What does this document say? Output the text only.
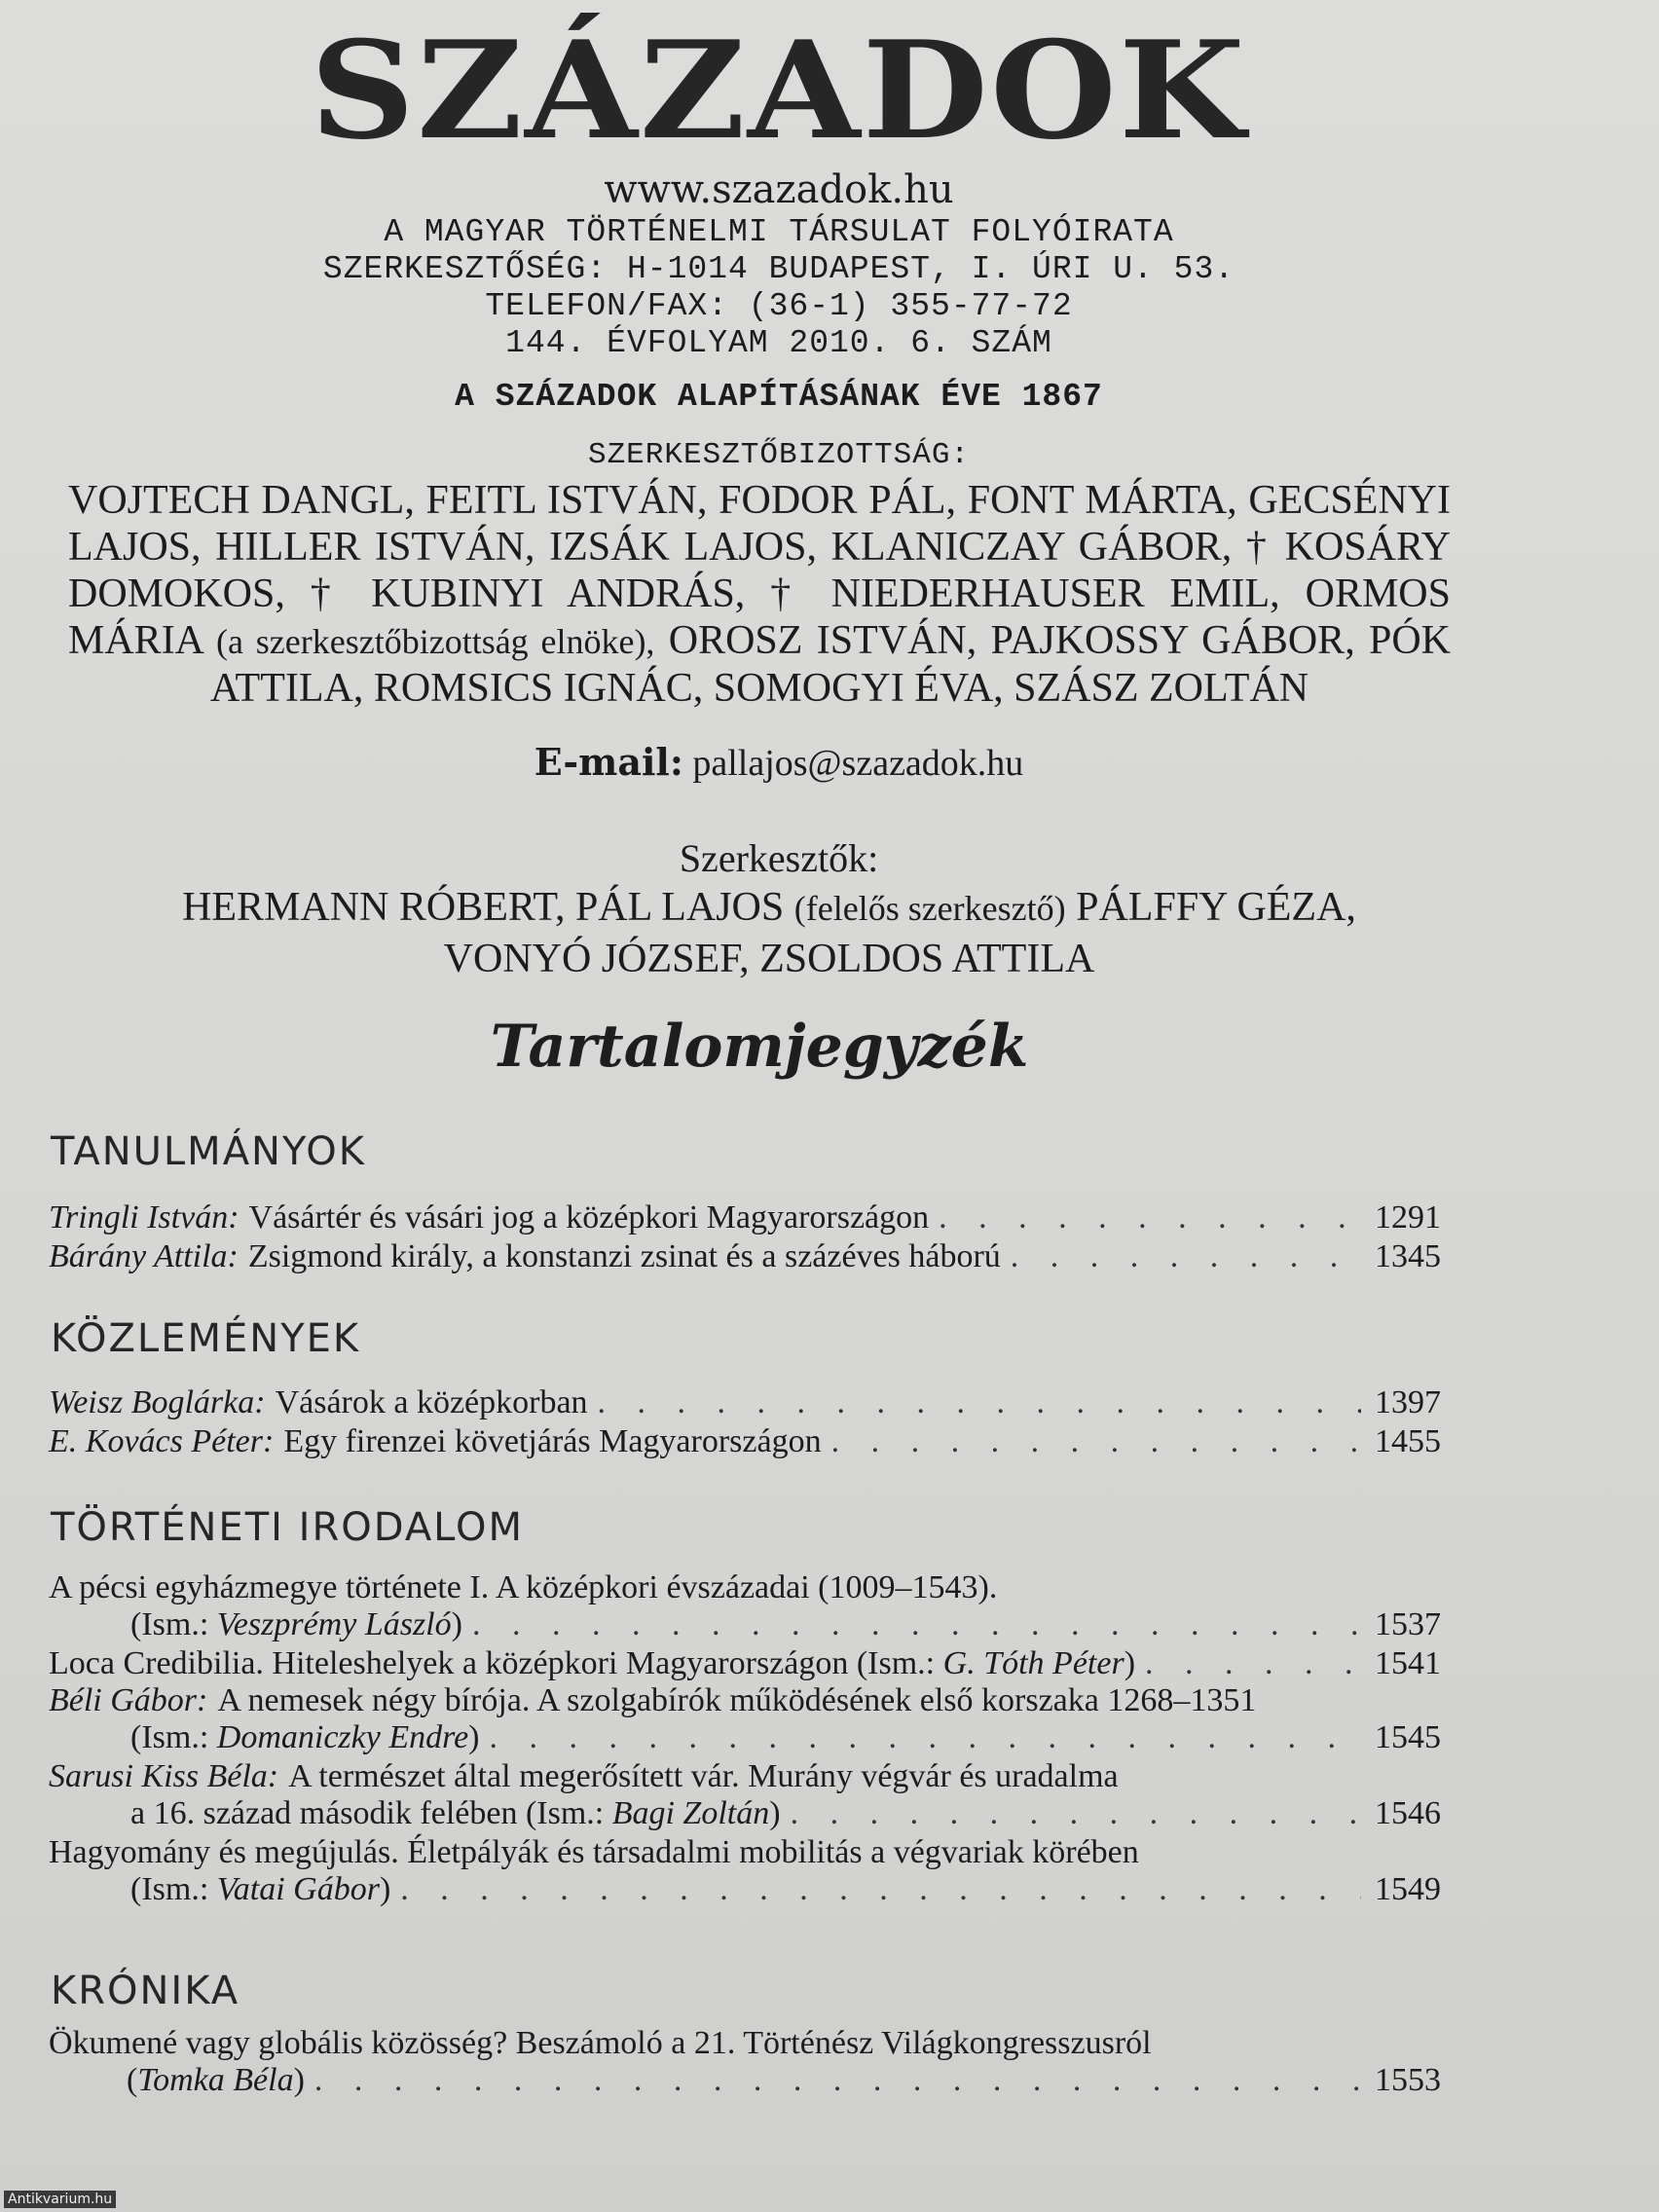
SZÁZADOK
www.szazadok.hu
A MAGYAR TÖRTÉNELMI TÁRSULAT FOLYÓIRATA
SZERKESZTŐSÉG: H-1014 BUDAPEST, I. ÚRI U. 53.
TELEFON/FAX: (36-1) 355-77-72
144. ÉVFOLYAM 2010. 6. SZÁM
A SZÁZADOK ALAPÍTÁSÁNAK ÉVE 1867
SZERKESZTŐBIZOTTSÁG:
VOJTECH DANGL, FEITL ISTVÁN, FODOR PÁL, FONT MÁRTA, GECSÉNYI LAJOS, HILLER ISTVÁN, IZSÁK LAJOS, KLANICZAY GÁBOR, † KOSÁRY DOMOKOS, † KUBINYI ANDRÁS, † NIEDERHAUSER EMIL, ORMOS MÁRIA (a szerkesztőbizottság elnöke), OROSZ ISTVÁN, PAJKOSSY GÁBOR, PÓK ATTILA, ROMSICS IGNÁC, SOMOGYI ÉVA, SZÁSZ ZOLTÁN
E-mail: pallajos@szazadok.hu
Szerkesztők:
HERMANN RÓBERT, PÁL LAJOS (felelős szerkesztő) PÁLFFY GÉZA, VONYÓ JÓZSEF, ZSOLDOS ATTILA
Tartalomjegyzék
TANULMÁNYOK
Tringli István: Vásártér és vásári jog a középkori Magyarországon . . .	1291
Bárány Attila: Zsigmond király, a konstanzi zsinat és a százéves háború . . .	1345
KÖZLEMÉNYEK
Weisz Boglárka: Vásárok a középkorban . . .	1397
E. Kovács Péter: Egy firenzei követjárás Magyarországon . . .	1455
TÖRTÉNETI IRODALOM
A pécsi egyházmegye története I. A középkori évszázadai (1009–1543).
(Ism.:
Veszprémy László ) . . .	1537
Loca Credibilia. Hiteleshelyek a középkori Magyarországon (Ism.:
G. Tóth Péter ) . . .	1541
Béli Gábor: A nemesek négy bírója. A szolgabírók működésének első korszaka 1268–1351
(Ism.:
Domaniczky Endre ) . . .	1545
Sarusi Kiss Béla: A természet által megerősített vár. Murány végvár és uradalma
a 16. század második felében (Ism.:
Bagi Zoltán ) . . .	1546
Hagyomány és megújulás. Életpályák és társadalmi mobilitás a végvariak körében
(Ism.:
Vatai Gábor ) . . .	1549
KRÓNIKA
Ökumené vagy globális közösség? Beszámoló a 21. Történész Világkongresszusról
( Tomka Béla ) . . .	1553
Antikvarium.hu
